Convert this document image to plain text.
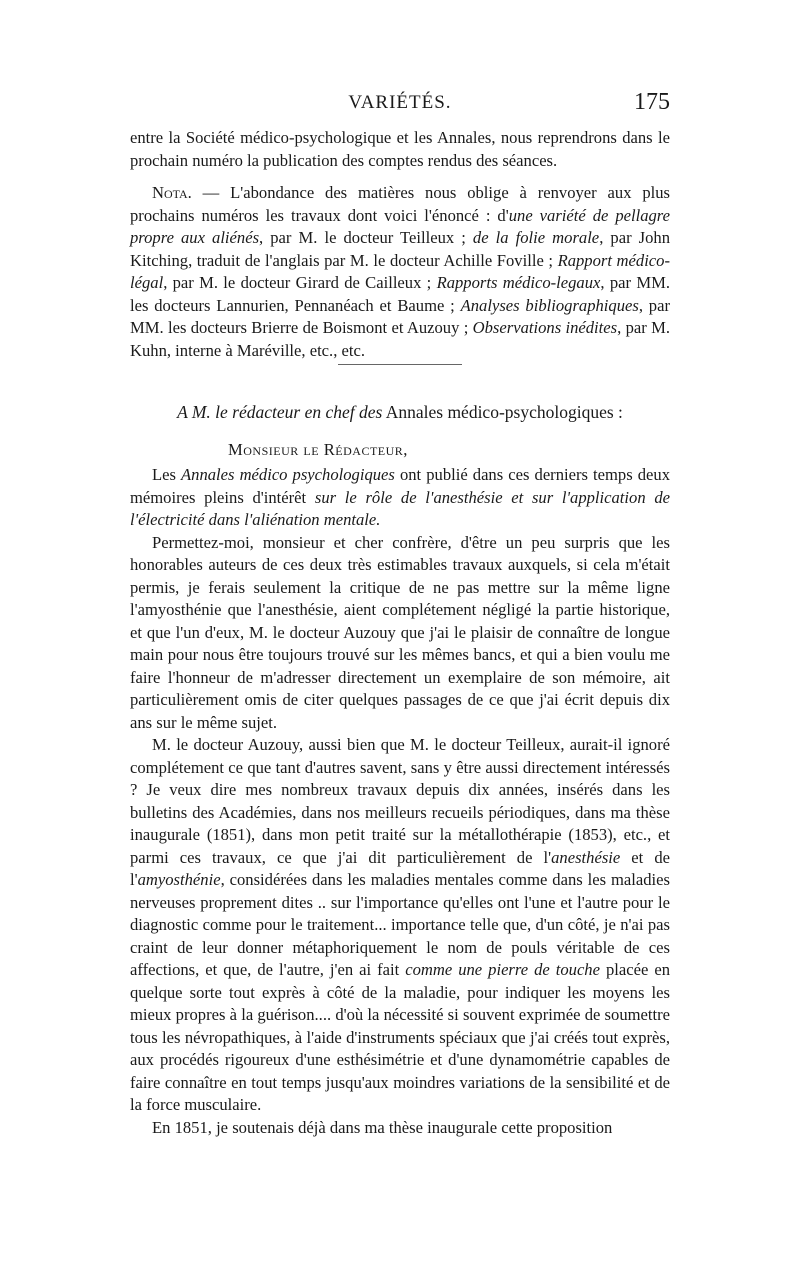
VARIÉTÉS.	175

entre la Société médico-psychologique et les Annales, nous reprendrons dans le prochain numéro la publication des comptes rendus des séances.

Nota. — L'abondance des matières nous oblige à renvoyer aux plus prochains numéros les travaux dont voici l'énoncé : d'une variété de pellagre propre aux aliénés, par M. le docteur Teilleux ; de la folie morale, par John Kitching, traduit de l'anglais par M. le docteur Achille Foville ; Rapport médico-légal, par M. le docteur Girard de Cailleux ; Rapports médico-legaux, par MM. les docteurs Lannurien, Pennanéach et Baume ; Analyses bibliographiques, par MM. les docteurs Brierre de Boismont et Auzouy ; Observations inédites, par M. Kuhn, interne à Maréville, etc., etc.

A M. le rédacteur en chef des Annales médico-psychologiques :
Monsieur le Rédacteur,

Les Annales médico psychologiques ont publié dans ces derniers temps deux mémoires pleins d'intérêt sur le rôle de l'anesthésie et sur l'application de l'électricité dans l'aliénation mentale.

Permettez-moi, monsieur et cher confrère, d'être un peu surpris que les honorables auteurs de ces deux très estimables travaux auxquels, si cela m'était permis, je ferais seulement la critique de ne pas mettre sur la même ligne l'amyosthénie que l'anesthésie, aient complétement négligé la partie historique, et que l'un d'eux, M. le docteur Auzouy que j'ai le plaisir de connaître de longue main pour nous être toujours trouvé sur les mêmes bancs, et qui a bien voulu me faire l'honneur de m'adresser directement un exemplaire de son mémoire, ait particulièrement omis de citer quelques passages de ce que j'ai écrit depuis dix ans sur le même sujet.

M. le docteur Auzouy, aussi bien que M. le docteur Teilleux, aurait-il ignoré complétement ce que tant d'autres savent, sans y être aussi directement intéressés ? Je veux dire mes nombreux travaux depuis dix années, insérés dans les bulletins des Académies, dans nos meilleurs recueils périodiques, dans ma thèse inaugurale (1851), dans mon petit traité sur la métallothérapie (1853), etc., et parmi ces travaux, ce que j'ai dit particulièrement de l'anesthésie et de l'amyosthénie, considérées dans les maladies mentales comme dans les maladies nerveuses proprement dites .. sur l'importance qu'elles ont l'une et l'autre pour le diagnostic comme pour le traitement... importance telle que, d'un côté, je n'ai pas craint de leur donner métaphoriquement le nom de pouls véritable de ces affections, et que, de l'autre, j'en ai fait comme une pierre de touche placée en quelque sorte tout exprès à côté de la maladie, pour indiquer les moyens les mieux propres à la guérison.... d'où la nécessité si souvent exprimée de soumettre tous les névropathiques, à l'aide d'instruments spéciaux que j'ai créés tout exprès, aux procédés rigoureux d'une esthésimétrie et d'une dynamométrie capables de faire connaître en tout temps jusqu'aux moindres variations de la sensibilité et de la force musculaire.

En 1851, je soutenais déjà dans ma thèse inaugurale cette proposition
